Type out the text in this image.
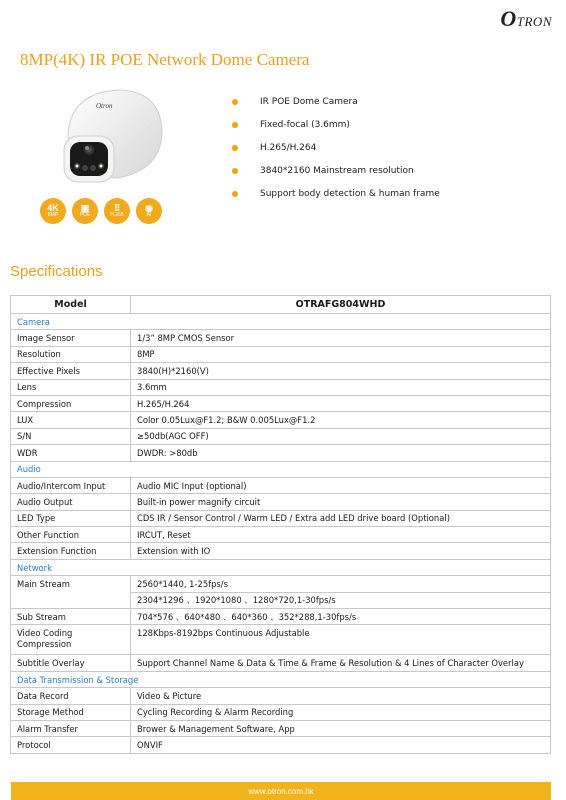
OTRON
8MP(4K) IR POE Network Dome Camera
Otron
4K
8MP
▣
POE
⠿
H.265
◉
AI
IR POE Dome Camera
Fixed-focal (3.6mm)
H.265/H.264
3840*2160 Mainstream resolution
Support body detection & human frame
Specifications
Model	OTRAFG804WHD
Camera	
Image Sensor	1/3” 8MP CMOS Sensor
Resolution	8MP
Effective Pixels	3840(H)*2160(V)
Lens	3.6mm
Compression	H.265/H.264
LUX	Color 0.05Lux@F1.2; B&W 0.005Lux@F1.2
S/N	≥50db(AGC OFF)
WDR	DWDR: >80db
Audio	
Audio/Intercom Input	Audio MIC Input (optional)
Audio Output	Built-in power magnify circuit
LED Type	CDS IR / Sensor Control / Warm LED / Extra add LED drive board (Optional)
Other Function	IRCUT, Reset
Extension Function	Extension with IO
Network	
Main Stream	2560*1440, 1-25fps/s
	2304*1296 、1920*1080 、1280*720,1-30fps/s
Sub Stream	704*576 、640*480 、640*360 、352*288,1-30fps/s
Video Coding Compression	128Kbps-8192bps Continuous Adjustable
Subtitle Overlay	Support Channel Name & Data & Time & Frame & Resolution & 4 Lines of Character Overlay
Data Transmission & Storage	
Data Record	Video & Picture
Storage Method	Cycling Recording & Alarm Recording
Alarm Transfer	Brower & Management Software, App
Protocol	ONVIF
www.otron.com.hk
